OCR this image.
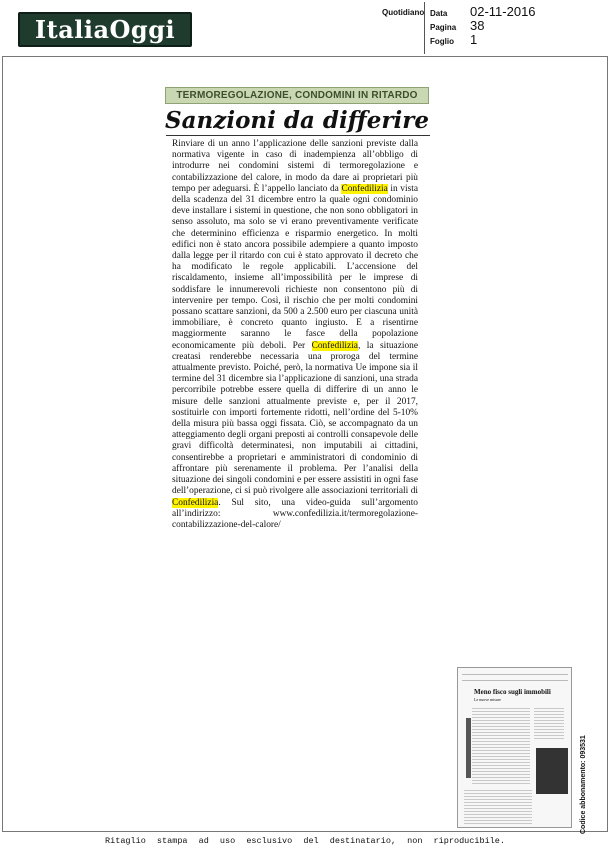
ItaliaOggi
Quotidiano Data	02-11-2016
Pagina	38
Foglio	1
TERMOREGOLAZIONE, CONDOMINI IN RITARDO
Sanzioni da differire
Rinviare di un anno l’applicazione delle sanzioni previste dalla normativa vigente in caso di inadempienza all’obbligo di introdurre nei condomini sistemi di termoregolazione e contabilizzazione del calore, in modo da dare ai proprietari più tempo per adeguarsi. È l’appello lanciato da Confedilizia in vista della scadenza del 31 dicembre entro la quale ogni condominio deve installare i sistemi in questione, che non sono obbligatori in senso assoluto, ma solo se vi erano preventivamente verificate che determinino efficienza e risparmio energetico. In molti edifici non è stato ancora possibile adempiere a quanto imposto dalla legge per il ritardo con cui è stato approvato il decreto che ha modificato le regole applicabili. L’accensione del riscaldamento, insieme all’impossibilità per le imprese di soddisfare le innumerevoli richieste non consentono più di intervenire per tempo. Così, il rischio che per molti condomini possano scattare sanzioni, da 500 a 2.500 euro per ciascuna unità immobiliare, è concreto quanto ingiusto. E a risentirne maggiormente saranno le fasce della popolazione economicamente più deboli. Per Confedilizia, la situazione creatasi renderebbe necessaria una proroga del termine attualmente previsto. Poiché, però, la normativa Ue impone sia il termine del 31 dicembre sia l’applicazione di sanzioni, una strada percorribile potrebbe essere quella di differire di un anno le misure delle sanzioni attualmente previste e, per il 2017, sostituirle con importi fortemente ridotti, nell’ordine del 5-10% della misura più bassa oggi fissata. Ciò, se accompagnato da un atteggiamento degli organi preposti ai controlli consapevole delle gravi difficoltà determinatesi, non imputabili ai cittadini, consentirebbe a proprietari e amministratori di condominio di affrontare più serenamente il problema. Per l’analisi della situazione dei singoli condomini e per essere assistiti in ogni fase dell’operazione, ci si può rivolgere alle associazioni territoriali di Confedilizia. Sul sito, una video-guida sull’argomento all’indirizzo: www.confedilizia.it/termoregolazione-contabilizzazione-del-calore/
Meno fisco sugli immobili
Le nuove misure
Codice abbonamento: 093531
Ritaglio stampa ad uso esclusivo del destinatario, non riproducibile.
